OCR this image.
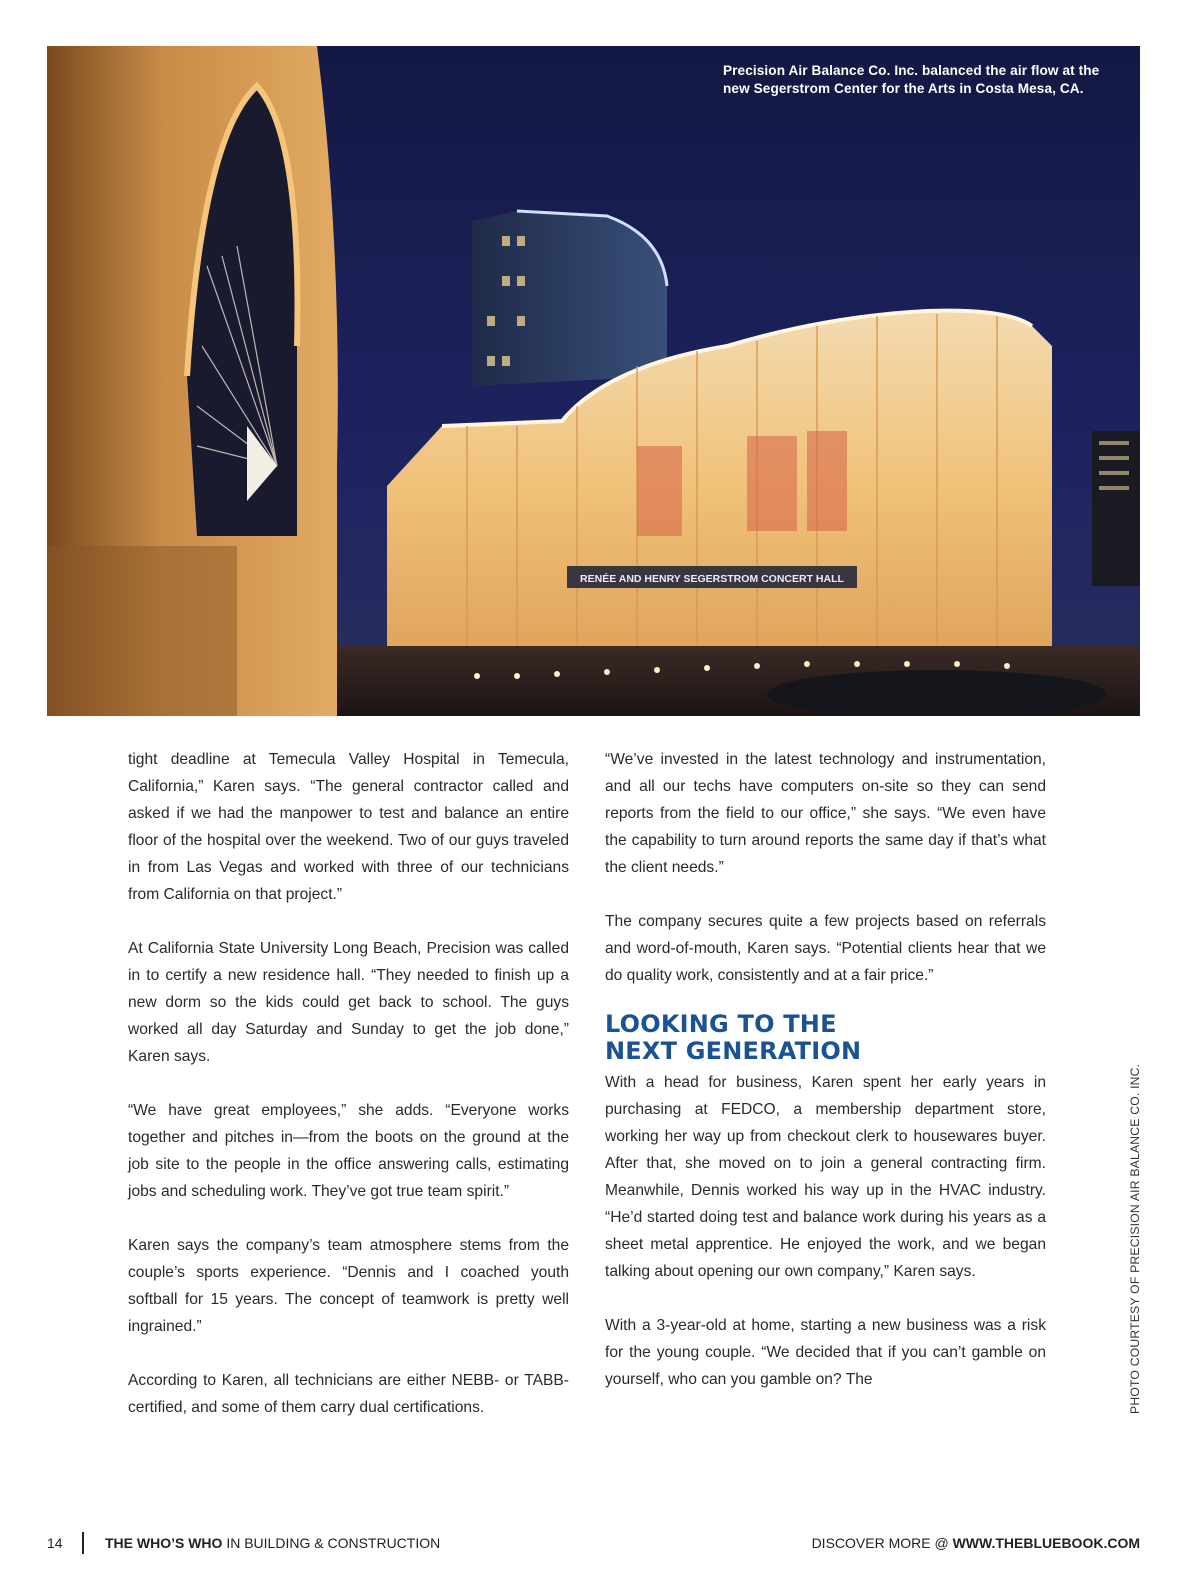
RENÉE AND HENRY SEGERSTROM CONCERT HALL
Precision Air Balance Co. Inc. balanced the air flow at the new Segerstrom Center for the Arts in Costa Mesa, CA.

tight deadline at Temecula Valley Hospital in Temecula, California,” Karen says. “The general contractor called and asked if we had the manpower to test and balance an entire floor of the hospital over the weekend. Two of our guys traveled in from Las Vegas and worked with three of our technicians from California on that project.”

At California State University Long Beach, Precision was called in to certify a new residence hall. “They needed to finish up a new dorm so the kids could get back to school. The guys worked all day Saturday and Sunday to get the job done,” Karen says.

“We have great employees,” she adds. “Everyone works together and pitches in—from the boots on the ground at the job site to the people in the office answering calls, estimating jobs and scheduling work. They’ve got true team spirit.”

Karen says the company’s team atmosphere stems from the couple’s sports experience. “Dennis and I coached youth softball for 15 years. The concept of teamwork is pretty well ingrained.”

According to Karen, all technicians are either NEBB- or TABB-certified, and some of them carry dual certifications.

“We’ve invested in the latest technology and instrumentation, and all our techs have computers on-site so they can send reports from the field to our office,” she says. “We even have the capability to turn around reports the same day if that’s what the client needs.”

The company secures quite a few projects based on referrals and word-of-mouth, Karen says. “Potential clients hear that we do quality work, consistently and at a fair price.”

LOOKING TO THE
NEXT GENERATION

With a head for business, Karen spent her early years in purchasing at FEDCO, a membership department store, working her way up from checkout clerk to housewares buyer. After that, she moved on to join a general contracting firm. Meanwhile, Dennis worked his way up in the HVAC industry. “He’d started doing test and balance work during his years as a sheet metal apprentice. He enjoyed the work, and we began talking about opening our own company,” Karen says.

With a 3-year-old at home, starting a new business was a risk for the young couple. “We decided that if you can’t gamble on yourself, who can you gamble on? The	PHOTO COURTESY OF PRECISION AIR BALANCE CO. INC.
14	THE WHO’S WHO IN BUILDING & CONSTRUCTION	DISCOVER MORE @ WWW.THEBLUEBOOK.COM
